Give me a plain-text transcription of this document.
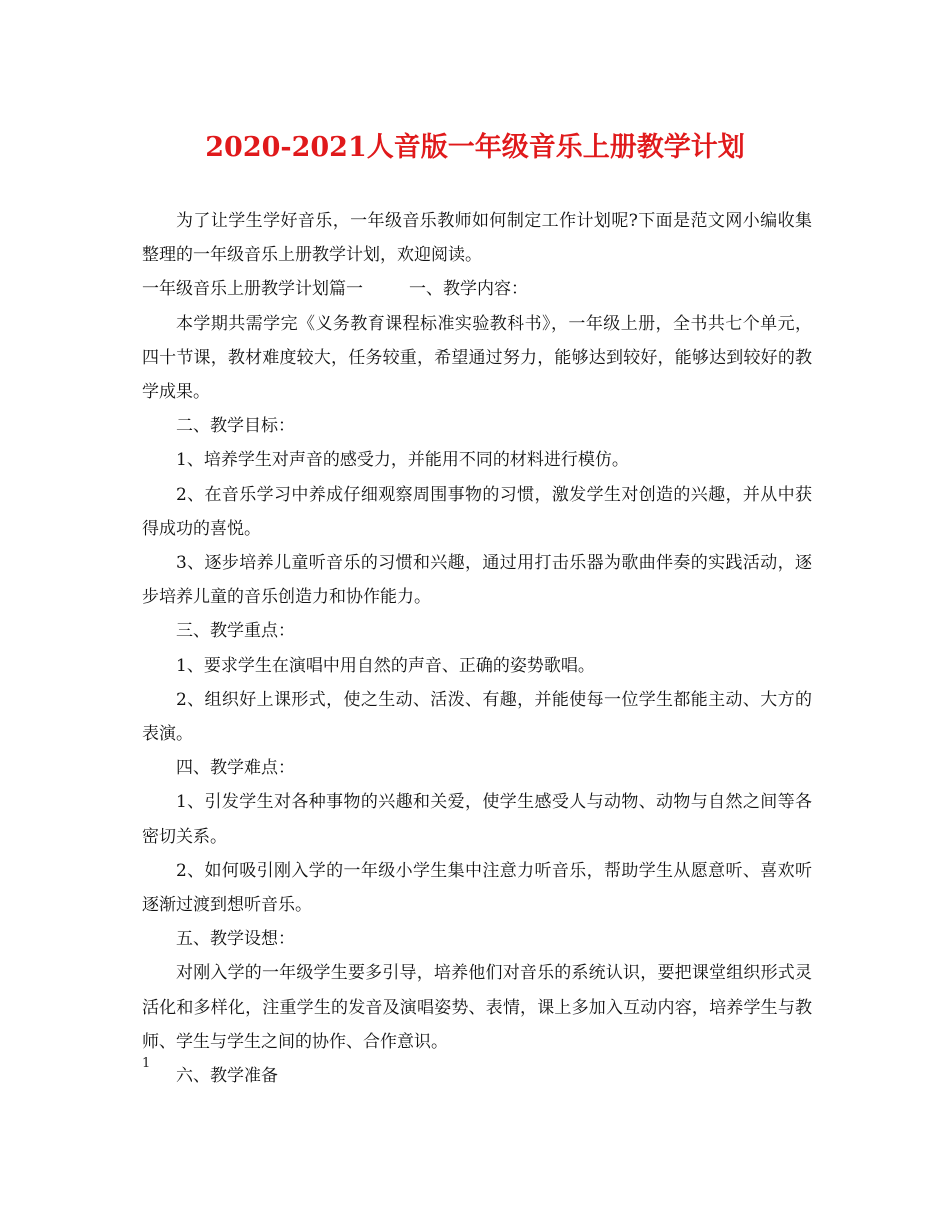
2020-2021人音版一年级音乐上册教学计划

为了让学生学好音乐，一年级音乐教师如何制定工作计划呢?下面是范文网小编收集整理的一年级音乐上册教学计划，欢迎阅读。

一年级音乐上册教学计划篇一	一、教学内容：

本学期共需学完《义务教育课程标准实验教科书》，一年级上册，全书共七个单元，四十节课，教材难度较大，任务较重，希望通过努力，能够达到较好，能够达到较好的教学成果。

二、教学目标：

1、培养学生对声音的感受力，并能用不同的材料进行模仿。

2、在音乐学习中养成仔细观察周围事物的习惯，激发学生对创造的兴趣，并从中获得成功的喜悦。

3、逐步培养儿童听音乐的习惯和兴趣，通过用打击乐器为歌曲伴奏的实践活动，逐步培养儿童的音乐创造力和协作能力。

三、教学重点：

1、要求学生在演唱中用自然的声音、正确的姿势歌唱。

2、组织好上课形式，使之生动、活泼、有趣，并能使每一位学生都能主动、大方的表演。

四、教学难点：

1、引发学生对各种事物的兴趣和关爱，使学生感受人与动物、动物与自然之间等各密切关系。

2、如何吸引刚入学的一年级小学生集中注意力听音乐，帮助学生从愿意听、喜欢听逐渐过渡到想听音乐。

五、教学设想：

对刚入学的一年级学生要多引导，培养他们对音乐的系统认识，要把课堂组织形式灵活化和多样化，注重学生的发音及演唱姿势、表情，课上多加入互动内容，培养学生与教师、学生与学生之间的协作、合作意识。

六、教学准备

1
